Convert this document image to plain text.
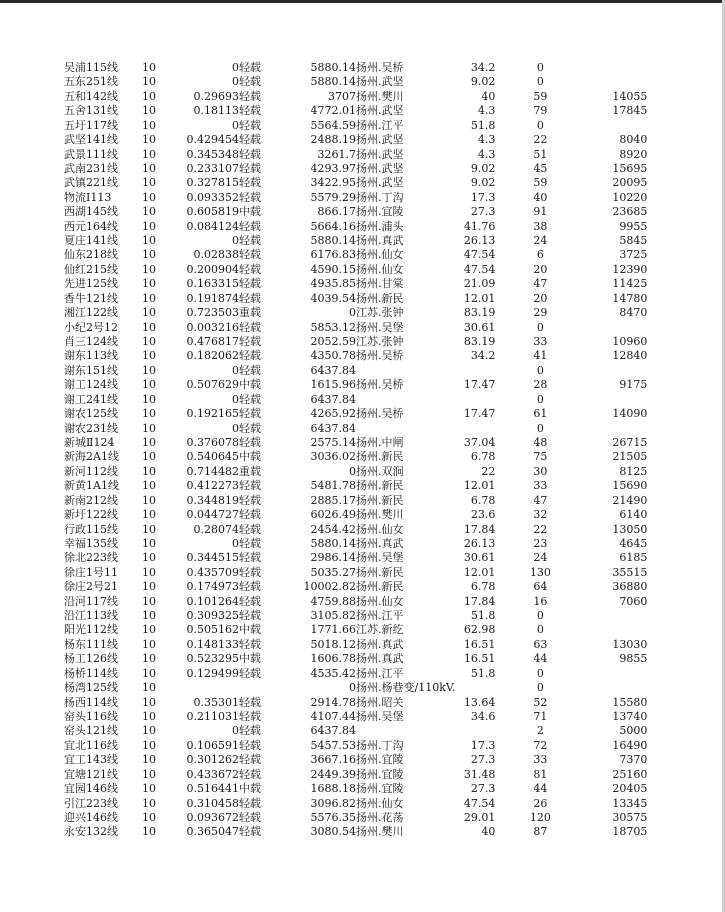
吴浦115线	10	0	轻载	5880.14	扬州.吴桥	34.2	0	
五东251线	10	0	轻载	5880.14	扬州.武坚	9.02	0	
五和142线	10	0.29693	轻载	3707	扬州.樊川	40	59	14055
五舍131线	10	0.18113	轻载	4772.01	扬州.武坚	4.3	79	17845
五圩117线	10	0	轻载	5564.59	扬州.江平	51.8	0	
武坚141线	10	0.429454	轻载	2488.19	扬州.武坚	4.3	22	8040
武景111线	10	0.345348	轻载	3261.7	扬州.武坚	4.3	51	8920
武南231线	10	0.233107	轻载	4293.97	扬州.武坚	9.02	45	15695
武镇221线	10	0.327815	轻载	3422.95	扬州.武坚	9.02	59	20095
物流Ⅰ113	10	0.093352	轻载	5579.29	扬州.丁沟	17.3	40	10220
西湖145线	10	0.605819	中载	866.17	扬州.宜陵	27.3	91	23685
西元164线	10	0.084124	轻载	5664.16	扬州.浦头	41.76	38	9955
夏庄141线	10	0	轻载	5880.14	扬州.真武	26.13	24	5845
仙东218线	10	0.02838	轻载	6176.83	扬州.仙女	47.54	6	3725
仙红215线	10	0.200904	轻载	4590.15	扬州.仙女	47.54	20	12390
先进125线	10	0.163315	轻载	4935.85	扬州.甘棠	21.09	47	11425
香牛121线	10	0.191874	轻载	4039.54	扬州.新民	12.01	20	14780
湘江122线	10	0.723503	重载	0	江苏.张钟	83.19	29	8470
小纪2号12	10	0.003216	轻载	5853.12	扬州.吴堡	30.61	0	
肖三124线	10	0.476817	轻载	2052.59	江苏.张钟	83.19	33	10960
谢东113线	10	0.182062	轻载	4350.78	扬州.吴桥	34.2	41	12840
谢东151线	10	0	轻载	6437.84			0	
谢工124线	10	0.507629	中载	1615.96	扬州.吴桥	17.47	28	9175
谢工241线	10	0	轻载	6437.84			0	
谢农125线	10	0.192165	轻载	4265.92	扬州.吴桥	17.47	61	14090
谢农231线	10	0	轻载	6437.84			0	
新城Ⅱ124	10	0.376078	轻载	2575.14	扬州.中闸	37.04	48	26715
新海2A1线	10	0.540645	中载	3036.02	扬州.新民	6.78	75	21505
新河112线	10	0.714482	重载	0	扬州.双涧	22	30	8125
新黄1A1线	10	0.412273	轻载	5481.78	扬州.新民	12.01	33	15690
新南212线	10	0.344819	轻载	2885.17	扬州.新民	6.78	47	21490
新圩122线	10	0.044727	轻载	6026.49	扬州.樊川	23.6	32	6140
行政115线	10	0.28074	轻载	2454.42	扬州.仙女	17.84	22	13050
幸福135线	10	0	轻载	5880.14	扬州.真武	26.13	23	4645
徐北223线	10	0.344515	轻载	2986.14	扬州.吴堡	30.61	24	6185
徐庄1号11	10	0.435709	轻载	5035.27	扬州.新民	12.01	130	35515
徐庄2号21	10	0.174973	轻载	10002.82	扬州.新民	6.78	64	36880
沿河117线	10	0.101264	轻载	4759.88	扬州.仙女	17.84	16	7060
沿江113线	10	0.309325	轻载	3105.82	扬州.江平	51.8	0	
阳光112线	10	0.505162	中载	1771.66	江苏.新纥	62.98	0	
杨东111线	10	0.148133	轻载	5018.12	扬州.真武	16.51	63	13030
杨工126线	10	0.523295	中载	1606.78	扬州.真武	16.51	44	9855
杨桥114线	10	0.129499	轻载	4535.42	扬州.江平	51.8	0	
杨湾125线	10			0	扬州.杨巷变/110kV.		0	
杨西114线	10	0.35301	轻载	2914.78	扬州.昭关	13.64	52	15580
窑头116线	10	0.211031	轻载	4107.44	扬州.吴堡	34.6	71	13740
窑头121线	10	0	轻载	6437.84			2	5000
宜北116线	10	0.106591	轻载	5457.53	扬州.丁沟	17.3	72	16490
宜工143线	10	0.301262	轻载	3667.16	扬州.宜陵	27.3	33	7370
宜塘121线	10	0.433672	轻载	2449.39	扬州.宜陵	31.48	81	25160
宜园146线	10	0.516441	中载	1688.18	扬州.宜陵	27.3	44	20405
引江223线	10	0.310458	轻载	3096.82	扬州.仙女	47.54	26	13345
迎兴146线	10	0.093672	轻载	5576.35	扬州.花荡	29.01	120	30575
永安132线	10	0.365047	轻载	3080.54	扬州.樊川	40	87	18705
